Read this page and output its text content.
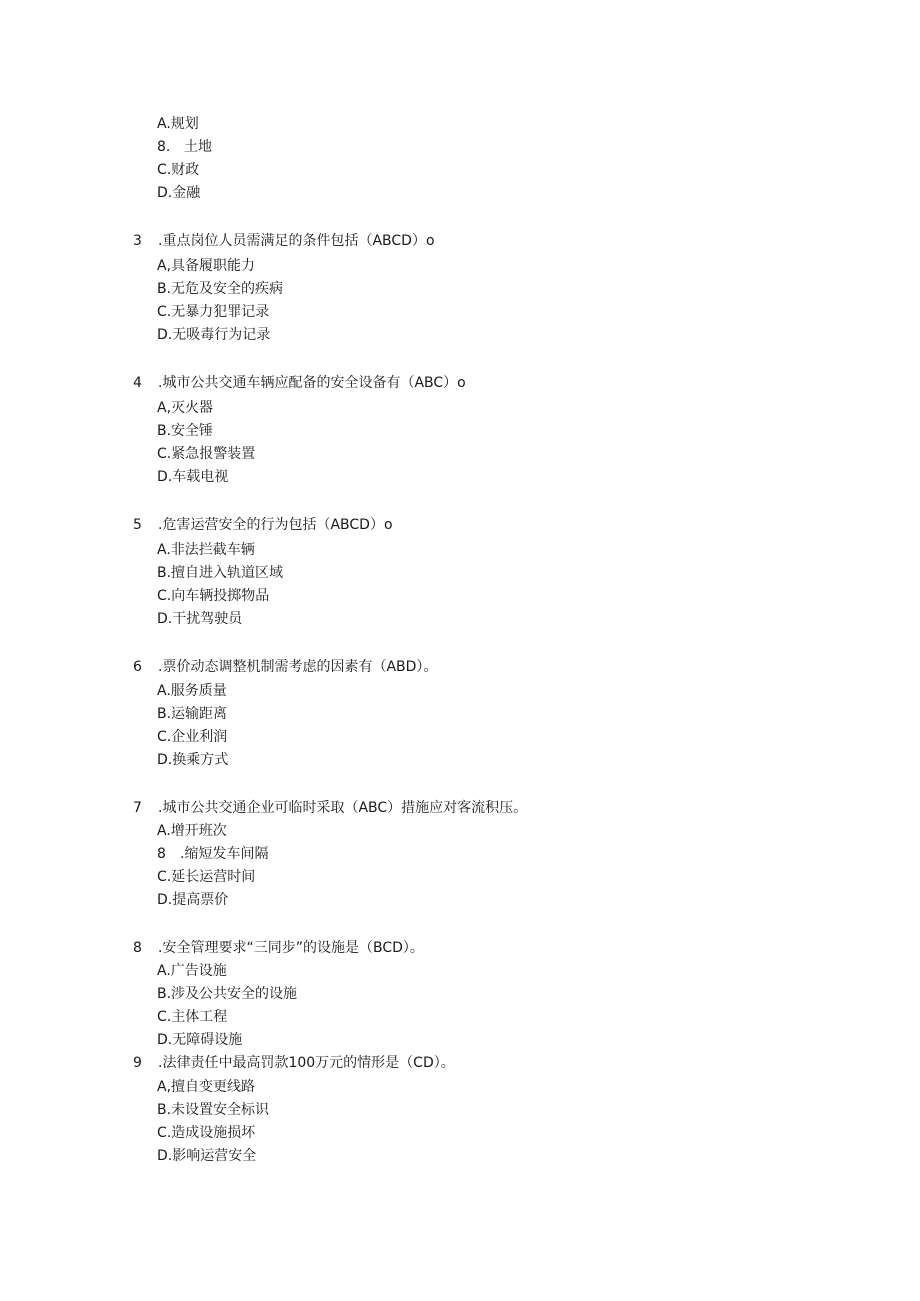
A.规划
8. 土地
C.财政
D.金融
3 .重点岗位人员需满足的条件包括（ABCD）o
A,具备履职能力
B.无危及安全的疾病
C.无暴力犯罪记录
D.无吸毒行为记录
4 .城市公共交通车辆应配备的安全设备有（ABC）o
A,灭火器
B.安全锤
C.紧急报警装置
D.车载电视
5 .危害运营安全的行为包括（ABCD）o
A.非法拦截车辆
B.擅自进入轨道区域
C.向车辆投掷物品
D.干扰驾驶员
6 .票价动态调整机制需考虑的因素有（ABD）。
A.服务质量
B.运输距离
C.企业利润
D.换乘方式
7 .城市公共交通企业可临时采取（ABC）措施应对客流积压。
A.增开班次
8 .缩短发车间隔
C.延长运营时间
D.提高票价
8 .安全管理要求“三同步”的设施是（BCD）。
A.广告设施
B.涉及公共安全的设施
C.主体工程
D.无障碍设施
9 .法律责任中最高罚款100万元的情形是（CD）。
A,擅自变更线路
B.未设置安全标识
C.造成设施损坏
D.影响运营安全
